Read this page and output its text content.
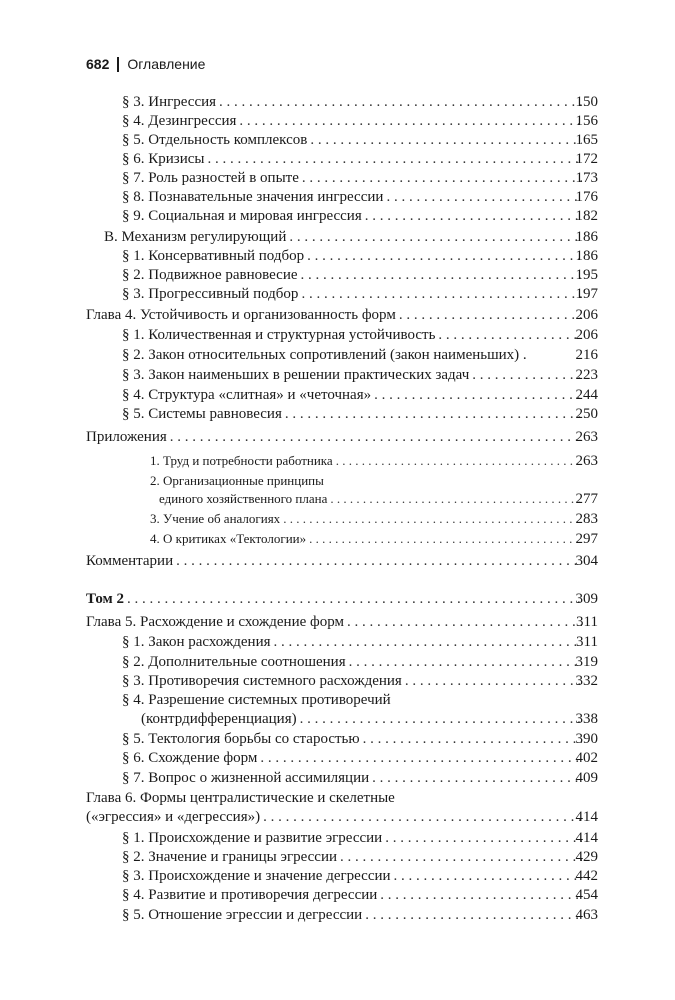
682 Оглавление
§ 3. Ингрессия . . .	150
§ 4. Дезингрессия . . .	156
§ 5. Отдельность комплексов . . .	165
§ 6. Кризисы . . .	172
§ 7. Роль разностей в опыте . . .	173
§ 8. Познавательные значения ингрессии . . .	176
§ 9. Социальная и мировая ингрессия . . .	182
В. Механизм регулирующий . . .	186
§ 1. Консервативный подбор . . .	186
§ 2. Подвижное равновесие . . .	195
§ 3. Прогрессивный подбор . . .	197
Глава 4. Устойчивость и организованность форм . . .	206
§ 1. Количественная и структурная устойчивость . . .	206
§ 2. Закон относительных сопротивлений (закон наименьших) .	216
§ 3. Закон наименьших в решении практических задач . . .	223
§ 4. Структура «слитная» и «четочная» . . .	244
§ 5. Системы равновесия . . .	250
Приложения . . .	263
1. Труд и потребности работника . . .	263
2. Организационные принципы
единого хозяйственного плана . . .	277
3. Учение об аналогиях . . .	283
4. О критиках «Тектологии» . . .	297
Комментарии . . .	304
Том 2 . . .	309
Глава 5. Расхождение и схождение форм . . .	311
§ 1. Закон расхождения . . .	311
§ 2. Дополнительные соотношения . . .	319
§ 3. Противоречия системного расхождения . . .	332
§ 4. Разрешение системных противоречий
(контрдифференциация) . . .	338
§ 5. Тектология борьбы со старостью . . .	390
§ 6. Схождение форм . . .	402
§ 7. Вопрос о жизненной ассимиляции . . .	409
Глава 6. Формы централистические и скелетные
(«эгрессия» и «дегрессия») . . .	414
§ 1. Происхождение и развитие эгрессии . . .	414
§ 2. Значение и границы эгрессии . . .	429
§ 3. Происхождение и значение дегрессии . . .	442
§ 4. Развитие и противоречия дегрессии . . .	454
§ 5. Отношение эгрессии и дегрессии . . .	463
